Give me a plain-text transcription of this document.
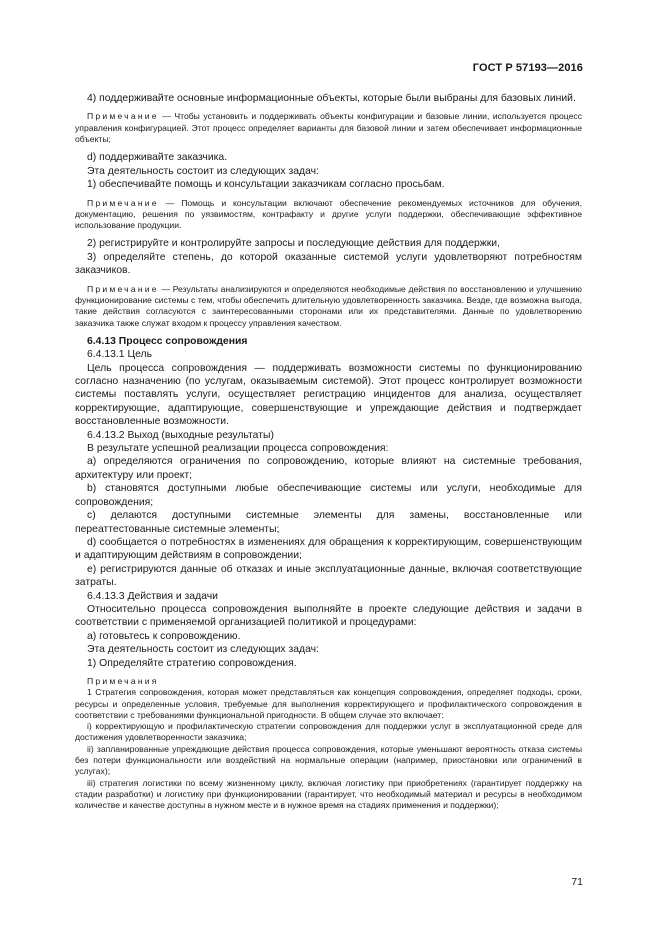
ГОСТ Р 57193—2016

4) поддерживайте основные информационные объекты, которые были выбраны для базовых линий.

Примечание — Чтобы установить и поддерживать объекты конфигурации и базовые линии, используется процесс управления конфигурацией. Этот процесс определяет варианты для базовой линии и затем обеспечивает информационные объекты;

d) поддерживайте заказчика.

Эта деятельность состоит из следующих задач:

1) обеспечивайте помощь и консультации заказчикам согласно просьбам.

Примечание — Помощь и консультации включают обеспечение рекомендуемых источников для обучения, документацию, решения по уязвимостям, контрафакту и другие услуги поддержки, обеспечивающие эффективное использование продукции.

2) регистрируйте и контролируйте запросы и последующие действия для поддержки,

3) определяйте степень, до которой оказанные системой услуги удовлетворяют потребностям заказчиков.

Примечание — Результаты анализируются и определяются необходимые действия по восстановлению и улучшению функционирование системы с тем, чтобы обеспечить длительную удовлетворенность заказчика. Везде, где возможна выгода, такие действия согласуются с заинтересованными сторонами или их представителями. Данные по удовлетворению заказчика также служат входом к процессу управления качеством.

6.4.13 Процесс сопровождения

6.4.13.1 Цель

Цель процесса сопровождения — поддерживать возможности системы по функционированию согласно назначению (по услугам, оказываемым системой). Этот процесс контролирует возможности системы поставлять услуги, осуществляет регистрацию инцидентов для анализа, осуществляет корректирующие, адаптирующие, совершенствующие и упреждающие действия и подтверждает восстановленные возможности.

6.4.13.2 Выход (выходные результаты)

В результате успешной реализации процесса сопровождения:

a) определяются ограничения по сопровождению, которые влияют на системные требования, архитектуру или проект;

b) становятся доступными любые обеспечивающие системы или услуги, необходимые для сопровождения;

c) делаются доступными системные элементы для замены, восстановленные или переаттестованные системные элементы;

d) сообщается о потребностях в изменениях для обращения к корректирующим, совершенствующим и адаптирующим действиям в сопровождении;

e) регистрируются данные об отказах и иные эксплуатационные данные, включая соответствующие затраты.

6.4.13.3 Действия и задачи

Относительно процесса сопровождения выполняйте в проекте следующие действия и задачи в соответствии с применяемой организацией политикой и процедурами:

a) готовьтесь к сопровождению.

Эта деятельность состоит из следующих задач:

1) Определяйте стратегию сопровождения.

Примечания

1 Стратегия сопровождения, которая может представляться как концепция сопровождения, определяет подходы, сроки, ресурсы и определенные условия, требуемые для выполнения корректирующего и профилактического сопровождения в соответствии с требованиями функциональной пригодности. В общем случае это включает:

i) корректирующую и профилактическую стратегии сопровождения для поддержки услуг в эксплуатационной среде для достижения удовлетворенности заказчика;

ii) запланированные упреждающие действия процесса сопровождения, которые уменьшают вероятность отказа системы без потери функциональности или воздействий на нормальные операции (например, приостановки или ограничений в услугах);

iii) стратегия логистики по всему жизненному циклу, включая логистику при приобретениях (гарантирует поддержку на стадии разработки) и логистику при функционировании (гарантирует, что необходимый материал и ресурсы в необходимом количестве и качестве доступны в нужном месте и в нужное время на стадиях применения и поддержки);

71
